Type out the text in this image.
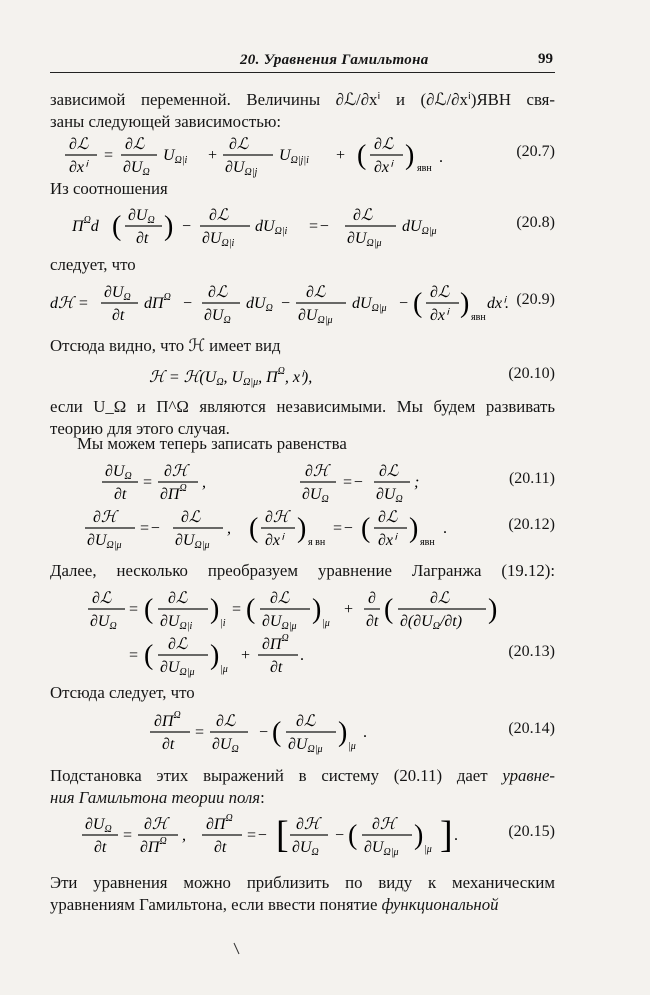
20. Уравнения Гамильтона	99

зависимой переменной. Величины ∂ℒ/∂xⁱ и (∂ℒ/∂xⁱ)ЯВН свя-
заны следующей зависимостью:

∂ℒ
∂xⁱ
=
∂ℒ
∂UΩ
UΩ|i +
∂ℒ
∂UΩ|j
UΩ|j|i + ( ∂ℒ
∂xⁱ ) явн
.	(20.7)

Из соотношения

$\Pi^\Omega d$ ( ∂UΩ
∂t ) −
∂ℒ
∂UΩ|i
dUΩ|i =−
∂ℒ
∂UΩ|μ
dUΩ|μ
(20.8)

следует, что

dℋ =
∂UΩ
∂t
$d\Pi^\Omega$ −
∂ℒ
∂UΩ
dUΩ −
∂ℒ
∂UΩ|μ
dUΩ|μ − ( ∂ℒ
∂xⁱ ) явн
dxⁱ. (20.9)

Отсюда видно, что ℋ имеет вид

ℋ = ℋ(UΩ, UΩ|μ, $\Pi^\Omega$, xⁱ),	(20.10)

если U_Ω и Π^Ω являются независимыми. Мы будем развивать
теорию для этого случая.

Мы можем теперь записать равенства

∂UΩ
∂t
=
∂ℋ
$\partial\Pi^\Omega$ ,
∂ℋ
∂UΩ
=−
∂ℒ
∂UΩ
;	(20.11)
∂ℋ
∂UΩ|μ
=−
∂ℒ
∂UΩ|μ
, ( ∂ℋ
∂xⁱ ) я вн
=− ( ∂ℒ
∂xⁱ ) явн
.	(20.12)

Далее, несколько преобразуем уравнение Лагранжа (19.12):

∂ℒ
∂UΩ
= ( ∂ℒ
∂UΩ|i
) |i
= ( ∂ℒ
∂UΩ|μ
) |μ
+
∂
∂t ( ∂ℒ
∂(∂UΩ/∂t) )
= ( ∂ℒ
∂UΩ|μ
) |μ
+
$\partial\Pi^\Omega$
∂t
.	(20.13)

Отсюда следует, что

$\partial\Pi^\Omega$
∂t
=
∂ℒ
∂UΩ
− ( ∂ℒ
∂UΩ|μ
) |μ
.	(20.14)

Подстановка этих выражений в систему (20.11) дает уравне-
ния Гамильтона теории поля:

∂UΩ
∂t
=
∂ℋ
$\partial\Pi^\Omega$ ,
$\partial\Pi^\Omega$
∂t
=− [ ∂ℋ
∂UΩ
− ( ∂ℋ
∂UΩ|μ
) |μ ] .	(20.15)

Эти уравнения можно приблизить по виду к механическим
уравнениям Гамильтона, если ввести понятие функциональной
